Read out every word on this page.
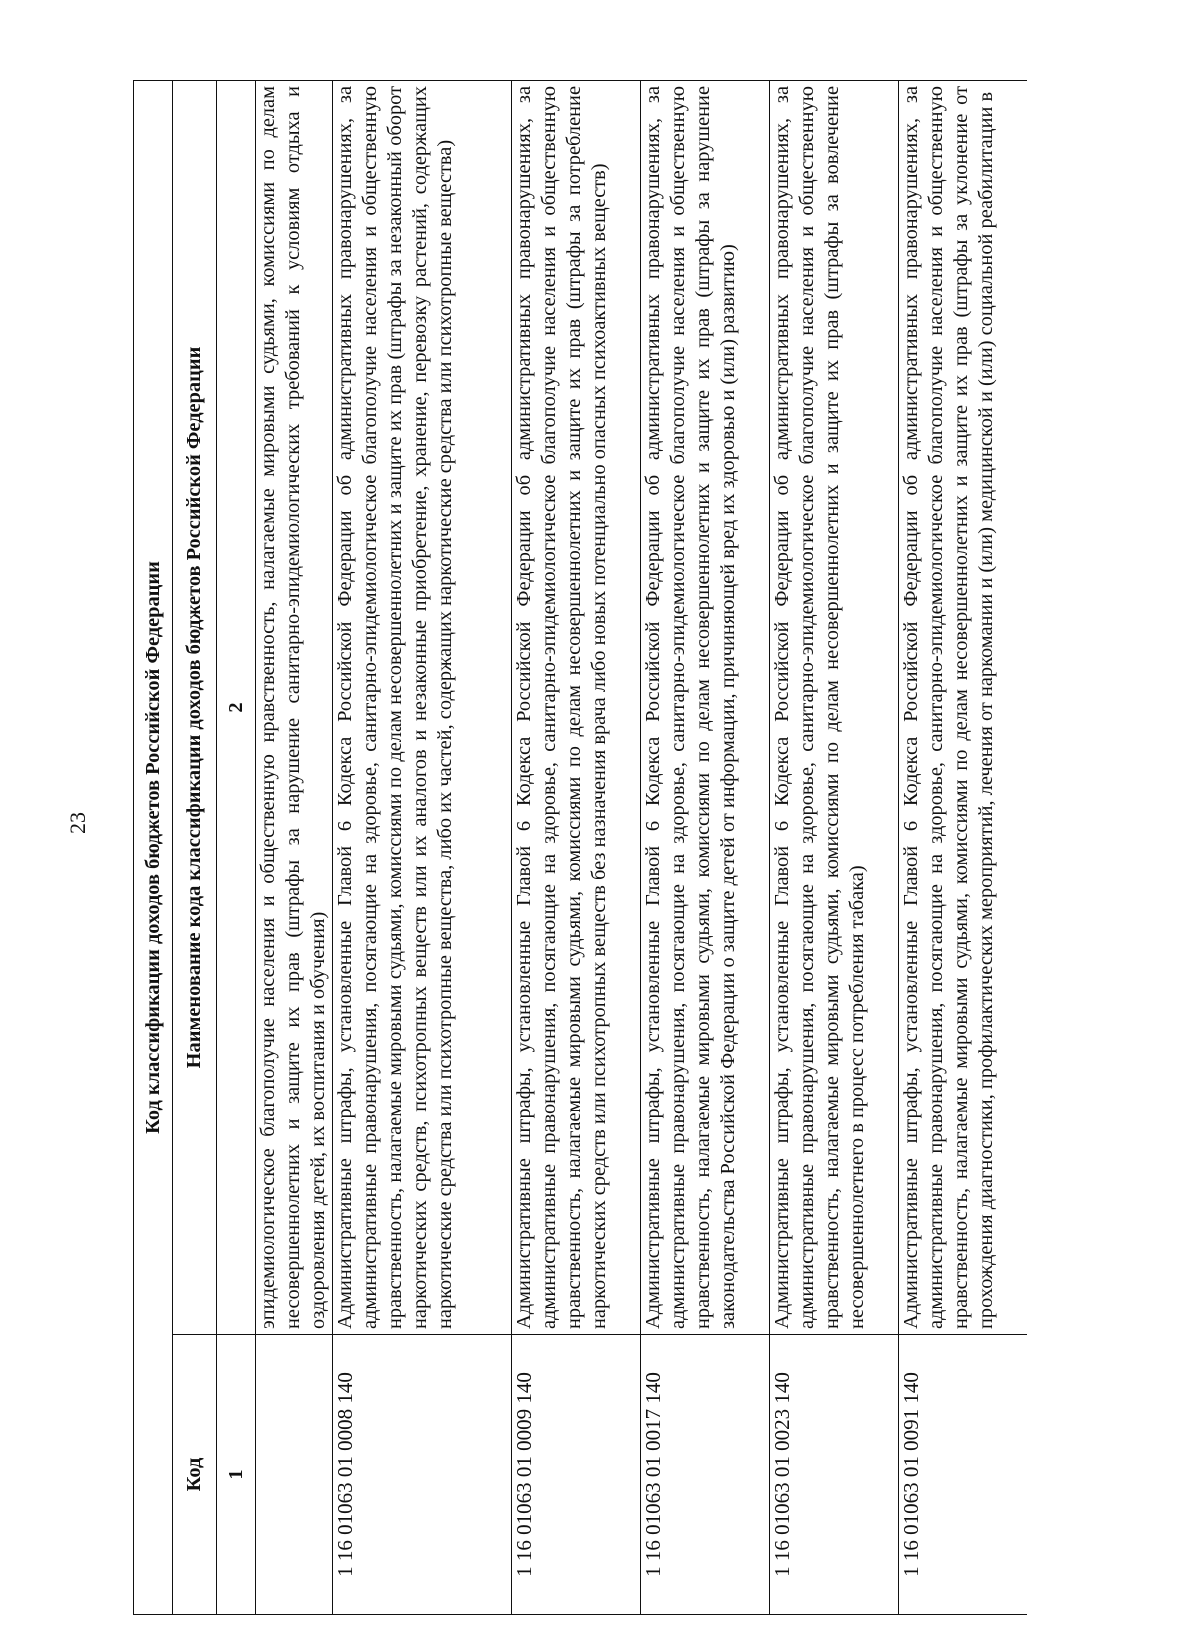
23	Код классификации доходов бюджетов Российской Федерации	
Код	Наименование кода классификации доходов бюджетов Российской Федерации
1	2
	эпидемиологическое благополучие населения и общественную нравственность, налагаемые мировыми судьями, комиссиями по делам несовершеннолетних и защите их прав (штрафы за нарушение санитарно-эпидемиологических требований к условиям отдыха и оздоровления детей, их воспитания и обучения)
1 16 01063 01 0008 140	Административные штрафы, установленные Главой 6 Кодекса Российской Федерации об административных правонарушениях, за административные правонарушения, посягающие на здоровье, санитарно-эпидемиологическое благополучие населения и общественную нравственность, налагаемые мировыми судьями, комиссиями по делам несовершеннолетних и защите их прав (штрафы за незаконный оборот наркотических средств, психотропных веществ или их аналогов и незаконные приобретение, хранение, перевозку растений, содержащих наркотические средства или психотропные вещества, либо их частей, содержащих наркотические средства или психотропные вещества)
1 16 01063 01 0009 140	Административные штрафы, установленные Главой 6 Кодекса Российской Федерации об административных правонарушениях, за административные правонарушения, посягающие на здоровье, санитарно-эпидемиологическое благополучие населения и общественную нравственность, налагаемые мировыми судьями, комиссиями по делам несовершеннолетних и защите их прав (штрафы за потребление наркотических средств или психотропных веществ без назначения врача либо новых потенциально опасных психоактивных веществ)
1 16 01063 01 0017 140	Административные штрафы, установленные Главой 6 Кодекса Российской Федерации об административных правонарушениях, за административные правонарушения, посягающие на здоровье, санитарно-эпидемиологическое благополучие населения и общественную нравственность, налагаемые мировыми судьями, комиссиями по делам несовершеннолетних и защите их прав (штрафы за нарушение законодательства Российской Федерации о защите детей от информации, причиняющей вред их здоровью и (или) развитию)
1 16 01063 01 0023 140	Административные штрафы, установленные Главой 6 Кодекса Российской Федерации об административных правонарушениях, за административные правонарушения, посягающие на здоровье, санитарно-эпидемиологическое благополучие населения и общественную нравственность, налагаемые мировыми судьями, комиссиями по делам несовершеннолетних и защите их прав (штрафы за вовлечение несовершеннолетнего в процесс потребления табака)
1 16 01063 01 0091 140	Административные штрафы, установленные Главой 6 Кодекса Российской Федерации об административных правонарушениях, за административные правонарушения, посягающие на здоровье, санитарно-эпидемиологическое благополучие населения и общественную нравственность, налагаемые мировыми судьями, комиссиями по делам несовершеннолетних и защите их прав (штрафы за уклонение от прохождения диагностики, профилактических мероприятий, лечения от наркомании и (или) медицинской и (или) социальной реабилитации в
